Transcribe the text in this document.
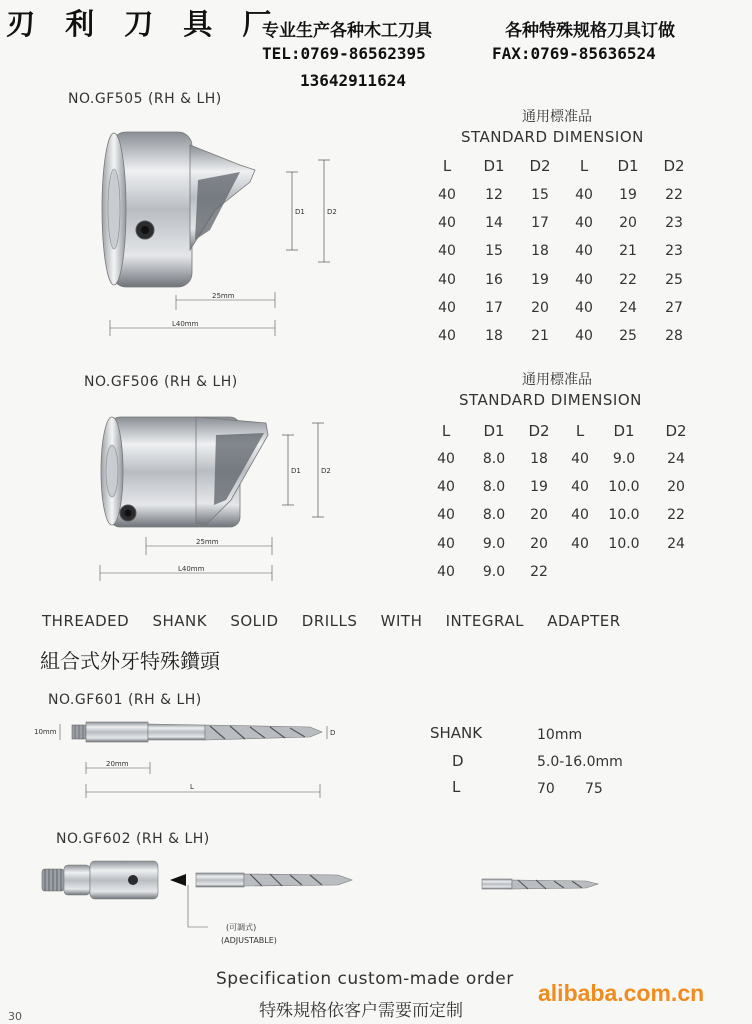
刃 利 刀 具 厂
专业生产各种木工刀具	各种特殊规格刀具订做
TEL:0769-86562395	FAX:0769-85636524
13642911624
NO.GF505 (RH & LH)
D1	D2
25mm
L40mm
通用標准品
STANDARD DIMENSION
L	D1	D2	L	D1	D2
40	12	15	40	19	22
40	14	17	40	20	23
40	15	18	40	21	23
40	16	19	40	22	25
40	17	20	40	24	27
40	18	21	40	25	28
NO.GF506 (RH & LH)
D1	D2
25mm
L40mm
通用標准品
STANDARD DIMENSION
L	D1	D2	L	D1	D2
40	8.0	18	40	9.0	24
40	8.0	19	40	10.0	20
40	8.0	20	40	10.0	22
40	9.0	20	40	10.0	24
40	9.0	22
THREADED SHANK SOLID DRILLS WITH INTEGRAL ADAPTER
組合式外牙特殊鑽頭
NO.GF601 (RH & LH)
10mm	D
20mm
L
SHANK	10mm
D	5.0-16.0mm
L	70 75
NO.GF602 (RH & LH)
(可調式)
(ADJUSTABLE)
Specification custom-made order
特殊規格依客户需要而定制
30
alibaba.com.cn
